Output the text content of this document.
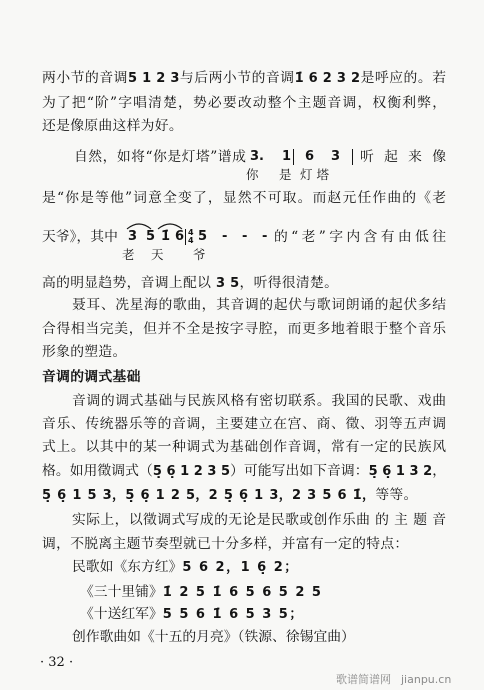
两小节的音调5 1 2 3与后两小节的音调1̇ 6 2 3 2是呼应的。若
为了把“阶”字唱清楚，势必要改动整个主题音调，权衡利弊，
还是像原曲这样为好。
自然，如将“你是灯塔”谱成 3. 1 6 3 听起来像
你 是 灯塔
是“你是等他”词意全变了，显然不可取。而赵元任作曲的《老
天爷》，其中 3 5 1̇ 6 4
4 5 - - - 的“老”字内含有由低往
老 天 爷
高的明显趋势，音调上配以 3 5，听得很清楚。
聂耳、冼星海的歌曲，其音调的起伏与歌词朗诵的起伏多结
合得相当完美，但并不全是按字寻腔，而更多地着眼于整个音乐
形象的塑造。
音调的调式基础
音调的调式基础与民族风格有密切联系。我国的民歌、戏曲
音乐、传统器乐等的音调，主要建立在宫、商、徵、羽等五声调
式上。以其中的某一种调式为基础创作音调，常有一定的民族风
格。如用徵调式（5̣ 6̣ 1 2 3 5）可能写出如下音调：5̣ 6̣ 1 3 2，
5̣ 6̣ 1 5 3，5̣ 6̣ 1 2 5，2 5̣ 6̣ 1 3，2 3 5 6 1̇，等等。
实际上，以徵调式写成的无论是民歌或创作乐曲 的 主 题 音
调，不脱离主题节奏型就已十分多样，并富有一定的特点：
民歌如《东方红》5 6 2，1 6̣ 2；
《三十里铺》1̇ 2 5 1̇ 6 5 6 5 2 5
《十送红军》5 5 6 1̇ 6 5 3 5；
创作歌曲如《十五的月亮》（铁源、徐锡宜曲）
· 32 ·
歌谱简谱网 jianpu.cn
